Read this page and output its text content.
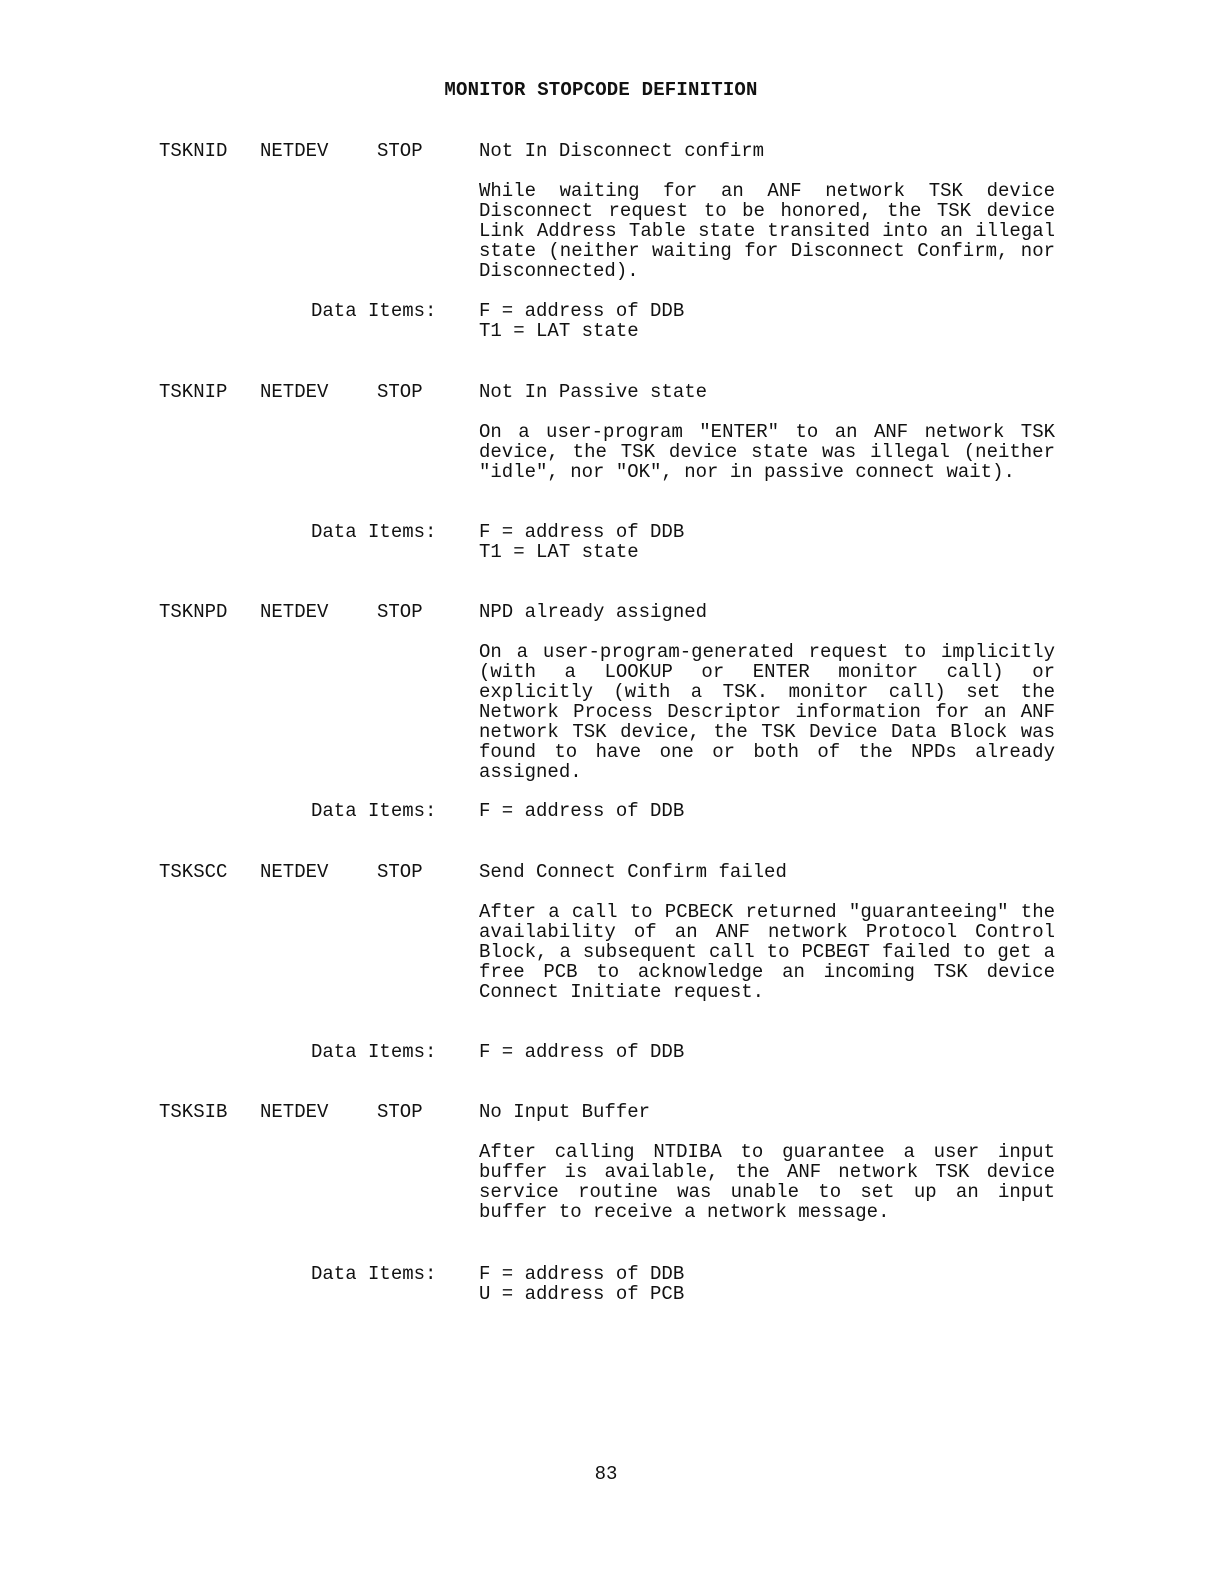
MONITOR STOPCODE DEFINITION
TSKNID NETDEV	STOP	Not In Disconnect confirm
While waiting for an ANF network TSK device Disconnect request to be honored, the TSK device Link Address Table state transited into an illegal state (neither waiting for Disconnect Confirm, nor Disconnected).
Data Items: F = address of DDB
T1 = LAT state
TSKNIP NETDEV	STOP	Not In Passive state
On a user-program "ENTER" to an ANF network TSK device, the TSK device state was illegal (neither "idle", nor "OK", nor in passive connect wait).
Data Items: F = address of DDB
T1 = LAT state
TSKNPD NETDEV	STOP	NPD already assigned
On a user-program-generated request to implicitly (with a LOOKUP or ENTER monitor call) or explicitly (with a TSK. monitor call) set the Network Process Descriptor information for an ANF network TSK device, the TSK Device Data Block was found to have one or both of the NPDs already assigned.
Data Items: F = address of DDB
TSKSCC NETDEV	STOP	Send Connect Confirm failed
After a call to PCBECK returned "guaranteeing" the availability of an ANF network Protocol Control Block, a subsequent call to PCBEGT failed to get a free PCB to acknowledge an incoming TSK device Connect Initiate request.
Data Items: F = address of DDB
TSKSIB NETDEV	STOP	No Input Buffer
After calling NTDIBA to guarantee a user input buffer is available, the ANF network TSK device service routine was unable to set up an input buffer to receive a network message.
Data Items: F = address of DDB
U = address of PCB
83
